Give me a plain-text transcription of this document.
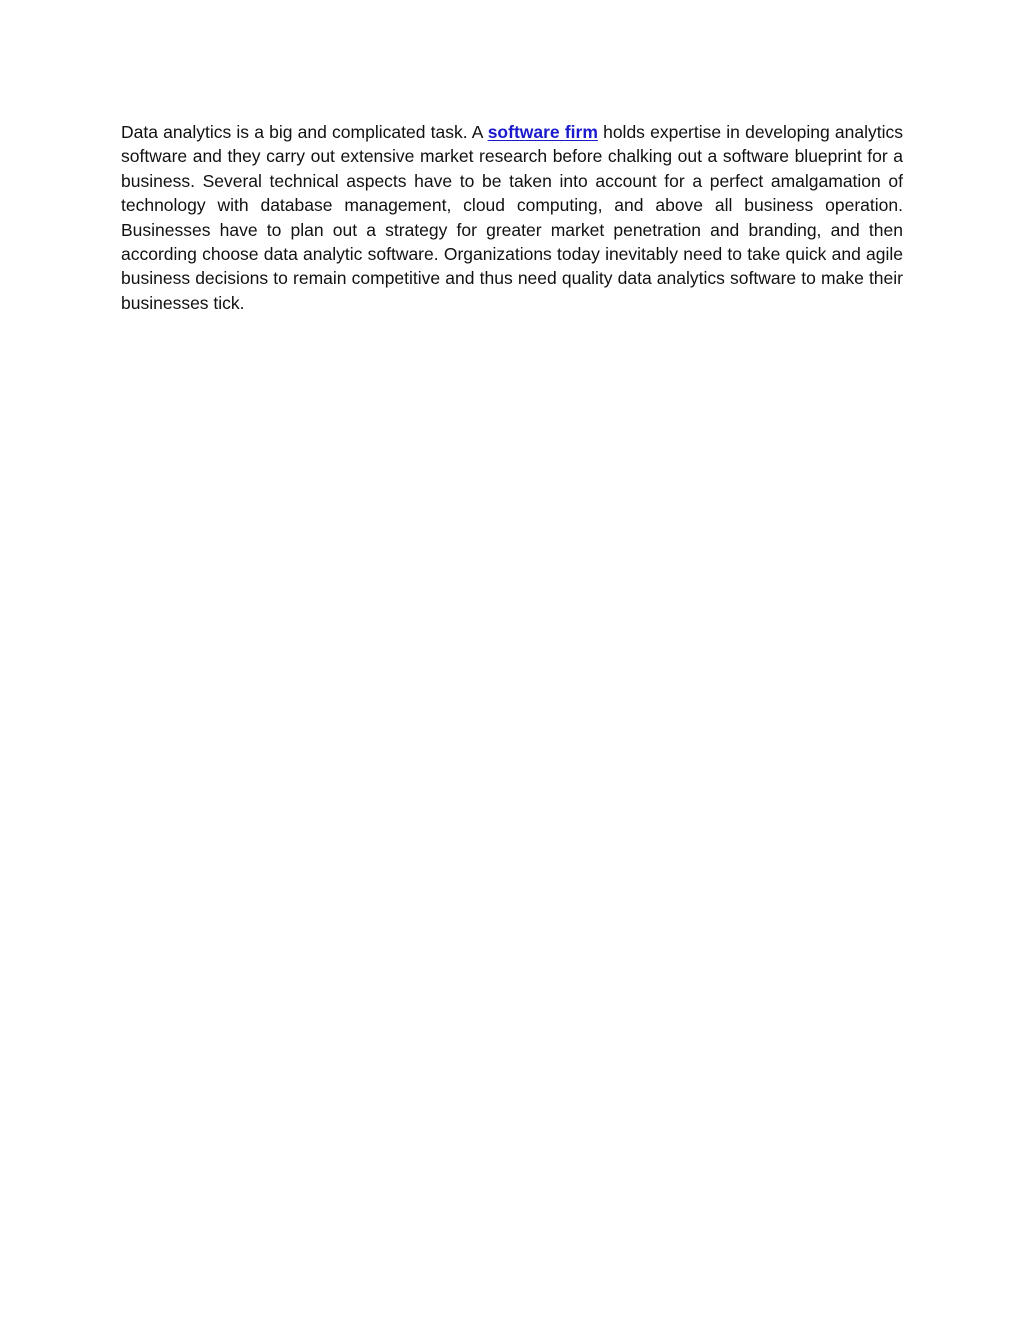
Data analytics is a big and complicated task. A software firm holds expertise in developing analytics software and they carry out extensive market research before chalking out a software blueprint for a business. Several technical aspects have to be taken into account for a perfect amalgamation of technology with database management, cloud computing, and above all business operation. Businesses have to plan out a strategy for greater market penetration and branding, and then according choose data analytic software. Organizations today inevitably need to take quick and agile business decisions to remain competitive and thus need quality data analytics software to make their businesses tick.
